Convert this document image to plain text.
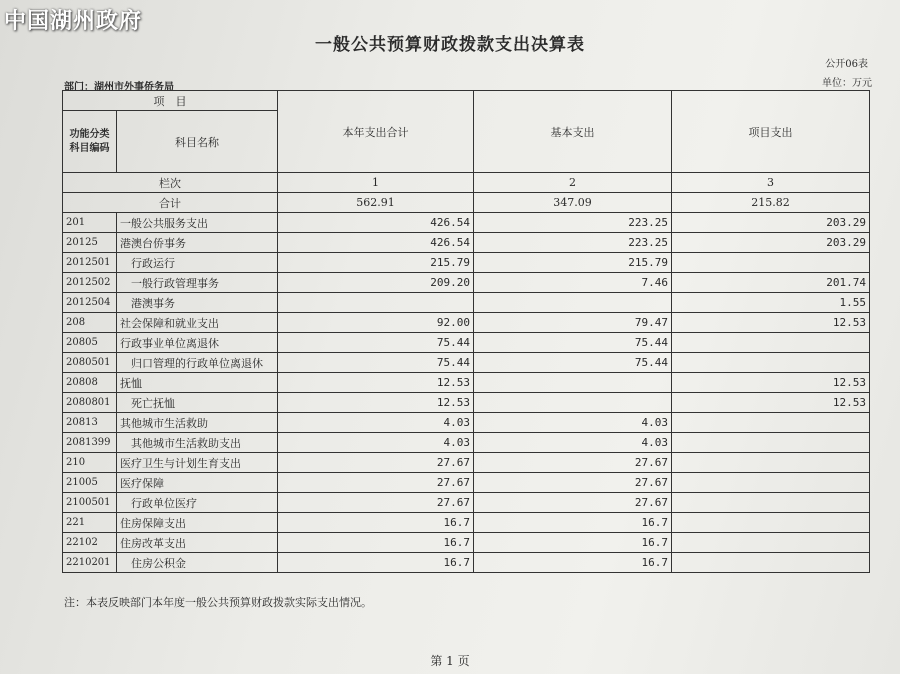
中国湖州政府
一般公共预算财政拨款支出决算表
公开06表
部门：湖州市外事侨务局	单位：万元
项　目		本年支出合计	基本支出	项目支出
功能分类
科目编码	科目名称			
栏次		1	2	3
合计		562.91	347.09	215.82
201	一般公共服务支出	426.54	223.25	203.29
20125	港澳台侨事务	426.54	223.25	203.29
2012501	行政运行	215.79	215.79	
2012502	一般行政管理事务	209.20	7.46	201.74
2012504	港澳事务			1.55
208	社会保障和就业支出	92.00	79.47	12.53
20805	行政事业单位离退休	75.44	75.44	
2080501	归口管理的行政单位离退休	75.44	75.44	
20808	抚恤	12.53		12.53
2080801	死亡抚恤	12.53		12.53
20813	其他城市生活救助	4.03	4.03	
2081399	其他城市生活救助支出	4.03	4.03	
210	医疗卫生与计划生育支出	27.67	27.67	
21005	医疗保障	27.67	27.67	
2100501	行政单位医疗	27.67	27.67	
221	住房保障支出	16.7	16.7	
22102	住房改革支出	16.7	16.7	
2210201	住房公积金	16.7	16.7	
注：本表反映部门本年度一般公共预算财政拨款实际支出情况。
第 1 页
